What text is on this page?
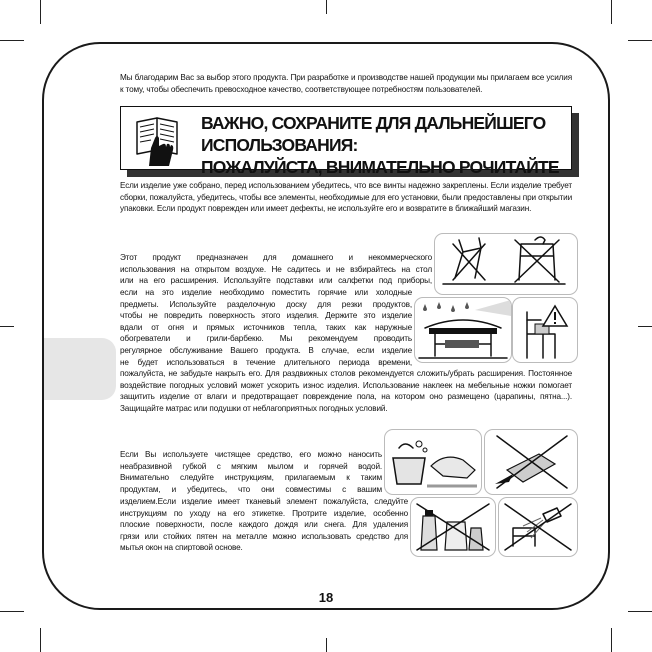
Мы благодарим Вас за выбор этого продукта. При разработке и производстве нашей продукции мы прилагаем все усилия к тому, чтобы обеспечить превосходное качество, соответствующее потребностям пользователей.

ВАЖНО, СОХРАНИТЕ ДЛЯ ДАЛЬНЕЙШЕГО ИСПОЛЬЗОВАНИЯ:
ПОЖАЛУЙСТА, ВНИМАТЕЛЬНО РОЧИТАЙТЕ

Если изделие уже собрано, перед использованием убедитесь, что все винты надежно закреплены. Если изделие требует сборки, пожалуйста, убедитесь, чтобы все элементы, необходимые для его установки, были предоставлены при открытии упаковки. Если продукт поврежден или имеет дефекты, не используйте его и возвратите в ближайший магазин.

Этот продукт предназначен для домашнего и некоммерческого
использования на открытом воздухе. Не садитесь и не взбирайтесь на стол
или на его расширения. Используйте подставки или салфетки под приборы,
если на это изделие необходимо поместить горячие или холодные
предметы. Используйте разделочную доску для резки продуктов,
чтобы не повредить поверхность этого изделия. Держите это изделие
вдали от огня и прямых источников тепла, таких как наружные
обогреватели и грили-барбекю. Мы рекомендуем проводить
регулярное обслуживание Вашего продукта. В случае, если изделие
не будет использоваться в течение длительного периода времени,

пожалуйста, не забудьте накрыть его. Для раздвижных столов рекомендуется сложить/убрать расширения. Постоянное воздействие погодных условий может ускорить износ изделия. Использование наклеек на мебельные ножки помогает защитить изделие от влаги и предотвращает повреждение пола, на котором оно размещено (царапины, пятна...). Защищайте матрас или подушки от неблагоприятных погодных условий.

Если Вы используете чистящее средство, его можно наносить
неабразивной губкой с мягким мылом и горячей водой.
Внимательно следуйте инструкциям, прилагаемым к таким
продуктам, и убедитесь, что они совместимы с вашим
изделием.Если изделие имеет тканевый элемент пожалуйста, следуйте
инструкциям по уходу на его этикетке. Протрите изделие, особенно
плоские поверхности, после каждого дождя или снега. Для удаления
грязи или стойких пятен на металле можно использовать средство для
мытья окон на спиртовой основе.
18
